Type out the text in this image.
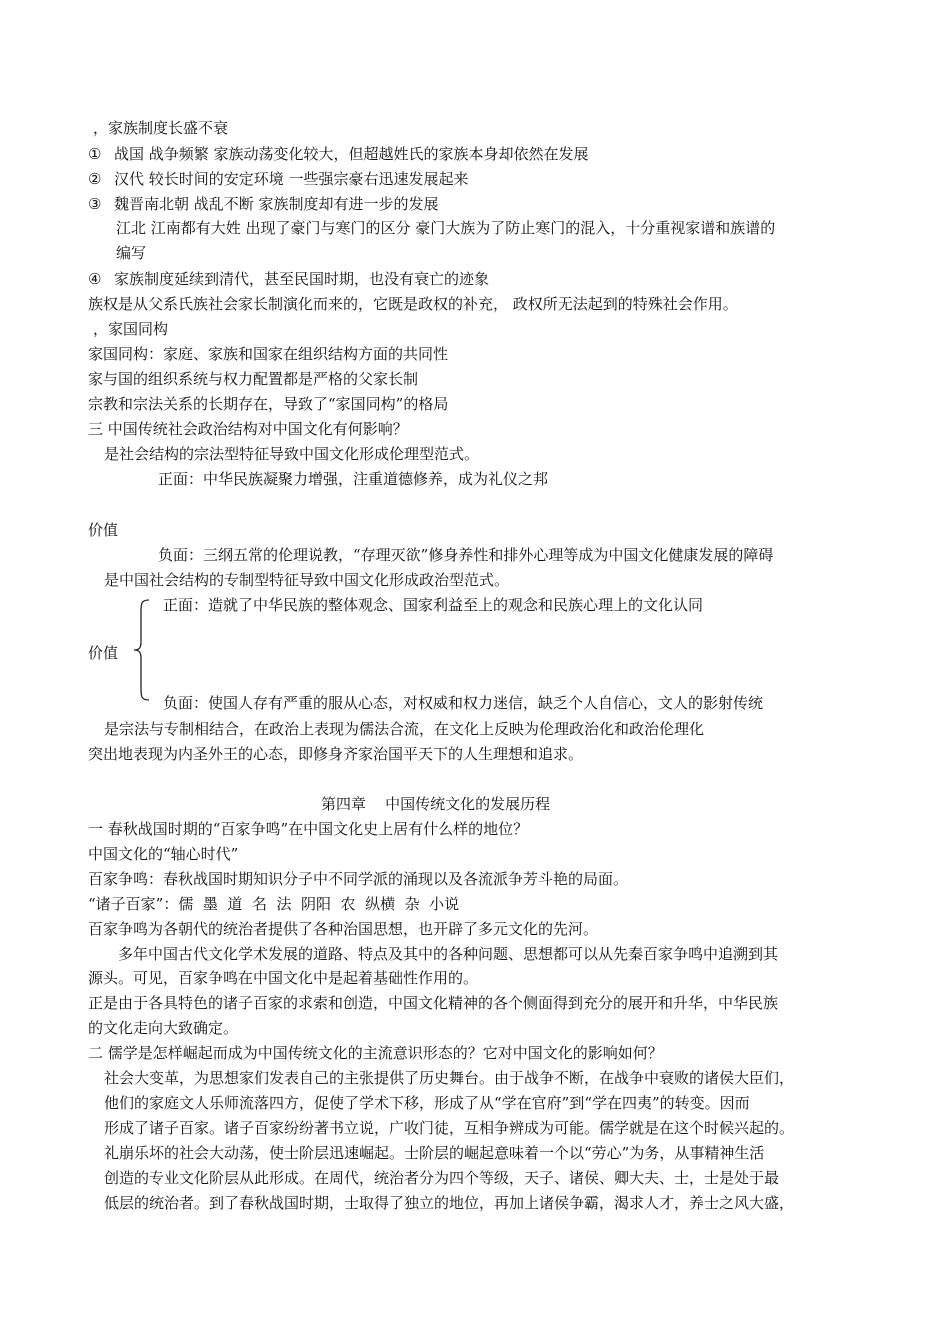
，家族制度长盛不衰
① 战国 战争频繁 家族动荡变化较大，但超越姓氏的家族本身却依然在发展
② 汉代 较长时间的安定环境 一些强宗豪右迅速发展起来
③ 魏晋南北朝 战乱不断 家族制度却有进一步的发展
江北 江南都有大姓 出现了豪门与寒门的区分 豪门大族为了防止寒门的混入，十分重视家谱和族谱的
编写
④ 家族制度延续到清代，甚至民国时期，也没有衰亡的迹象
族权是从父系氏族社会家长制演化而来的，它既是政权的补充， 政权所无法起到的特殊社会作用。
，家国同构
家国同构：家庭、家族和国家在组织结构方面的共同性
家与国的组织系统与权力配置都是严格的父家长制
宗教和宗法关系的长期存在，导致了“家国同构”的格局
三 中国传统社会政治结构对中国文化有何影响？
是社会结构的宗法型特征导致中国文化形成伦理型范式。
正面：中华民族凝聚力增强，注重道德修养，成为礼仪之邦
价值
负面：三纲五常的伦理说教，“存理灭欲”修身养性和排外心理等成为中国文化健康发展的障碍
是中国社会结构的专制型特征导致中国文化形成政治型范式。
正面：造就了中华民族的整体观念、国家利益至上的观念和民族心理上的文化认同
价值
负面：使国人存有严重的服从心态，对权威和权力迷信，缺乏个人自信心，文人的影射传统
是宗法与专制相结合，在政治上表现为儒法合流，在文化上反映为伦理政治化和政治伦理化
突出地表现为内圣外王的心态，即修身齐家治国平天下的人生理想和追求。
第四章    中国传统文化的发展历程
一 春秋战国时期的“百家争鸣”在中国文化史上居有什么样的地位？
中国文化的“轴心时代”
百家争鸣：春秋战国时期知识分子中不同学派的涌现以及各流派争芳斗艳的局面。
“诸子百家”：儒  墨  道  名  法  阴阳  农  纵横  杂  小说
百家争鸣为各朝代的统治者提供了各种治国思想，也开辟了多元文化的先河。
多年中国古代文化学术发展的道路、特点及其中的各种问题、思想都可以从先秦百家争鸣中追溯到其
源头。可见，百家争鸣在中国文化中是起着基础性作用的。
正是由于各具特色的诸子百家的求索和创造，中国文化精神的各个侧面得到充分的展开和升华，中华民族
的文化走向大致确定。
二 儒学是怎样崛起而成为中国传统文化的主流意识形态的？它对中国文化的影响如何？
社会大变革，为思想家们发表自己的主张提供了历史舞台。由于战争不断，在战争中衰败的诸侯大臣们，
他们的家庭文人乐师流落四方，促使了学术下移，形成了从“学在官府”到“学在四夷”的转变。因而
形成了诸子百家。诸子百家纷纷著书立说，广收门徒，互相争辨成为可能。儒学就是在这个时候兴起的。
礼崩乐坏的社会大动荡，使士阶层迅速崛起。士阶层的崛起意味着一个以“劳心”为务，从事精神生活
创造的专业文化阶层从此形成。在周代，统治者分为四个等级，天子、诸侯、卿大夫、士，士是处于最
低层的统治者。到了春秋战国时期，士取得了独立的地位，再加上诸侯争霸，渴求人才，养士之风大盛，
